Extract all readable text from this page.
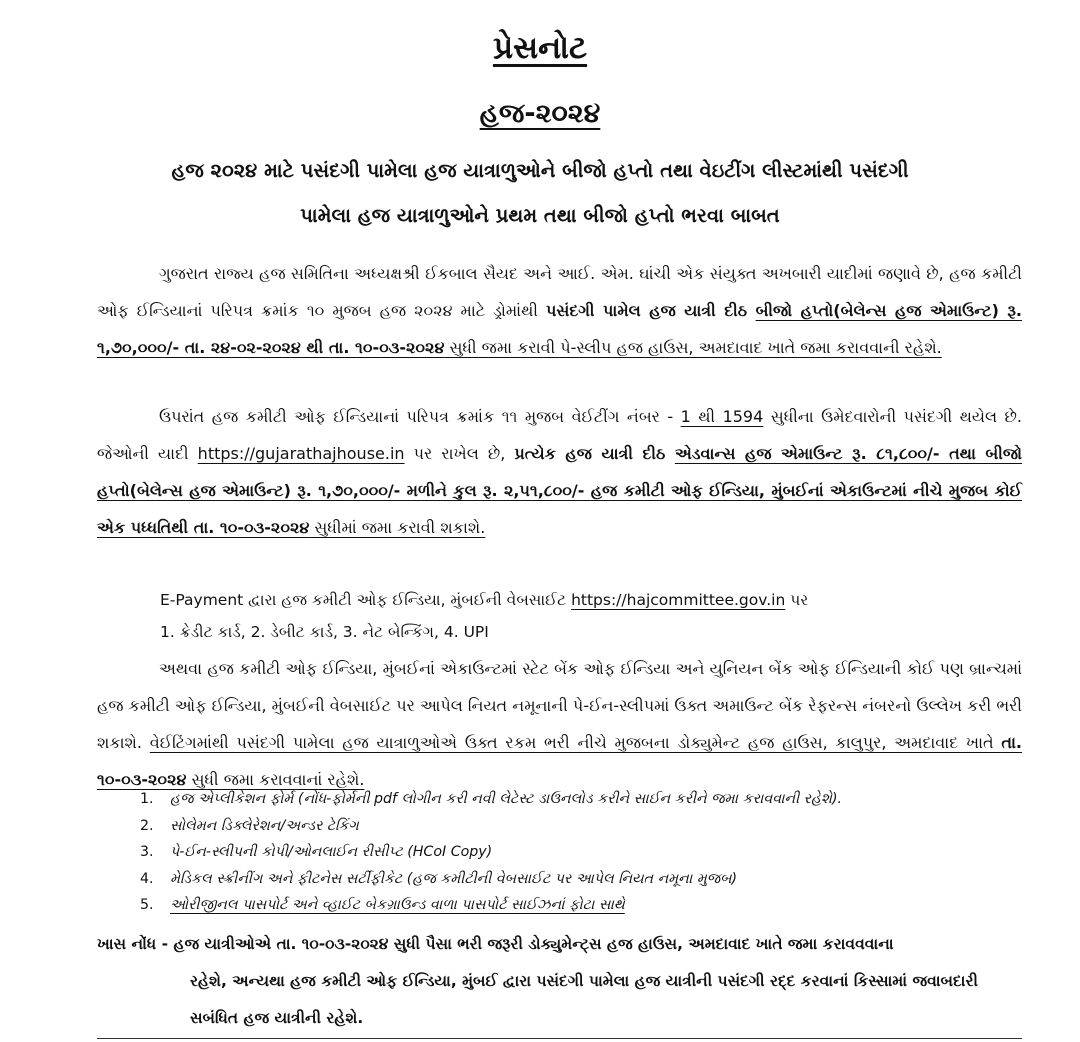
પ્રેસનોટ
હજ-૨૦૨૪
હજ ૨૦૨૪ માટે પસંદગી પામેલા હજ યાત્રાળુઓને બીજો હપ્તો તથા વેઇટીંગ લીસ્ટમાંથી પસંદગી
પામેલા હજ યાત્રાળુઓને પ્રથમ તથા બીજો હપ્તો ભરવા બાબત

ગુજરાત રાજ્ય હજ સમિતિના અધ્યક્ષશ્રી ઈકબાલ સૈયદ અને આઈ. એમ. ઘાંચી એક સંયુક્ત અખબારી યાદીમાં જણાવે છે, હજ કમીટી ઓફ ઈન્ડિયાનાં પરિપત્ર ક્રમાંક ૧૦ મુજબ હજ ૨૦૨૪ માટે ડ્રોમાંથી પસંદગી પામેલ હજ યાત્રી દીઠ બીજો હપ્તો(બેલેન્સ હજ એમાઉન્ટ) રૂ. ૧,૭૦,૦૦૦/- તા. ૨૪-૦૨-૨૦૨૪ થી તા. ૧૦-૦૩-૨૦૨૪ સુધી જમા કરાવી પે-સ્લીપ હજ હાઉસ, અમદાવાદ ખાતે જમા કરાવવાની રહેશે.

ઉપરાંત હજ કમીટી ઓફ ઈન્ડિયાનાં પરિપત્ર ક્રમાંક ૧૧ મુજબ વેઈટીંગ નંબર - 1 થી 1594 સુધીના ઉમેદવારોની પસંદગી થયેલ છે. જેઓની યાદી https://gujarathajhouse.in પર રાખેલ છે, પ્રત્યેક હજ યાત્રી દીઠ એડવાન્સ હજ એમાઉન્ટ રૂ. ૮૧,૮૦૦/- તથા બીજો હપ્તો(બેલેન્સ હજ એમાઉન્ટ) રૂ. ૧,૭૦,૦૦૦/- મળીને કુલ રૂ. ૨,૫૧,૮૦૦/- હજ કમીટી ઓફ ઈન્ડિયા, મુંબઈનાં એકાઉન્ટમાં નીચે મુજબ કોઈ એક પધ્ધતિથી તા. ૧૦-૦૩-૨૦૨૪ સુધીમાં જમા કરાવી શકાશે.

E-Payment દ્વારા હજ કમીટી ઓફ ઈન્ડિયા, મુંબઈની વેબસાઈટ https://hajcommittee.gov.in પર
1. ક્રેડીટ કાર્ડ, 2. ડેબીટ કાર્ડ, 3. નેટ બેન્કિંગ, 4. UPI

અથવા હજ કમીટી ઓફ ઈન્ડિયા, મુંબઈનાં એકાઉન્ટમાં સ્ટેટ બેંક ઓફ ઈન્ડિયા અને યુનિયન બેંક ઓફ ઈન્ડિયાની કોઈ પણ બ્રાન્ચમાં હજ કમીટી ઓફ ઈન્ડિયા, મુંબઈની વેબસાઈટ પર આપેલ નિયત નમૂનાની પે-ઈન-સ્લીપમાં ઉક્ત અમાઉન્ટ બેંક રેફરન્સ નંબરનો ઉલ્લેખ કરી ભરી શકાશે. વેઈટિંગમાંથી પસંદગી પામેલા હજ યાત્રાળુઓએ ઉક્ત રકમ ભરી નીચે મુજબના ડોક્યુમેન્ટ હજ હાઉસ, કાલુપુર, અમદાવાદ ખાતે તા. ૧૦-૦૩-૨૦૨૪ સુધી જમા કરાવવાનાં રહેશે.

1. હજ એપ્લીકેશન ફોર્મ (નોંધ-ફોર્મની pdf લોગીન કરી નવી લેટેસ્ટ ડાઉનલોડ કરીને સાઈન કરીને જમા કરાવવાની રહેશે).
2. સોલેમન ડિક્લેરેશન/અન્ડર ટેકિંગ
3. પે-ઈન-સ્લીપની કોપી/ઓનલાઈન રીસીપ્ટ (HCoI Copy)
4. મેડિકલ સ્ક્રીનીંગ અને ફીટનેસ સર્ટીફીકેટ (હજ કમીટીની વેબસાઈટ પર આપેલ નિયત નમૂના મુજબ)
5. ઓરીજીનલ પાસપોર્ટ અને વ્હાઈટ બેકગ્રાઉન્ડ વાળા પાસપોર્ટ સાઈઝનાં ફોટા સાથે
ખાસ નોંધ - હજ યાત્રીઓએ તા. ૧૦-૦૩-૨૦૨૪ સુધી પૈસા ભરી જરૂરી ડોક્યુમેન્ટ્સ હજ હાઉસ, અમદાવાદ ખાતે જમા કરાવવવાના
રહેશે, અન્યથા હજ કમીટી ઓફ ઈન્ડિયા, મુંબઈ દ્વારા પસંદગી પામેલા હજ યાત્રીની પસંદગી રદ્દ કરવાનાં કિસ્સામાં જવાબદારી સબંધિત હજ યાત્રીની રહેશે.
